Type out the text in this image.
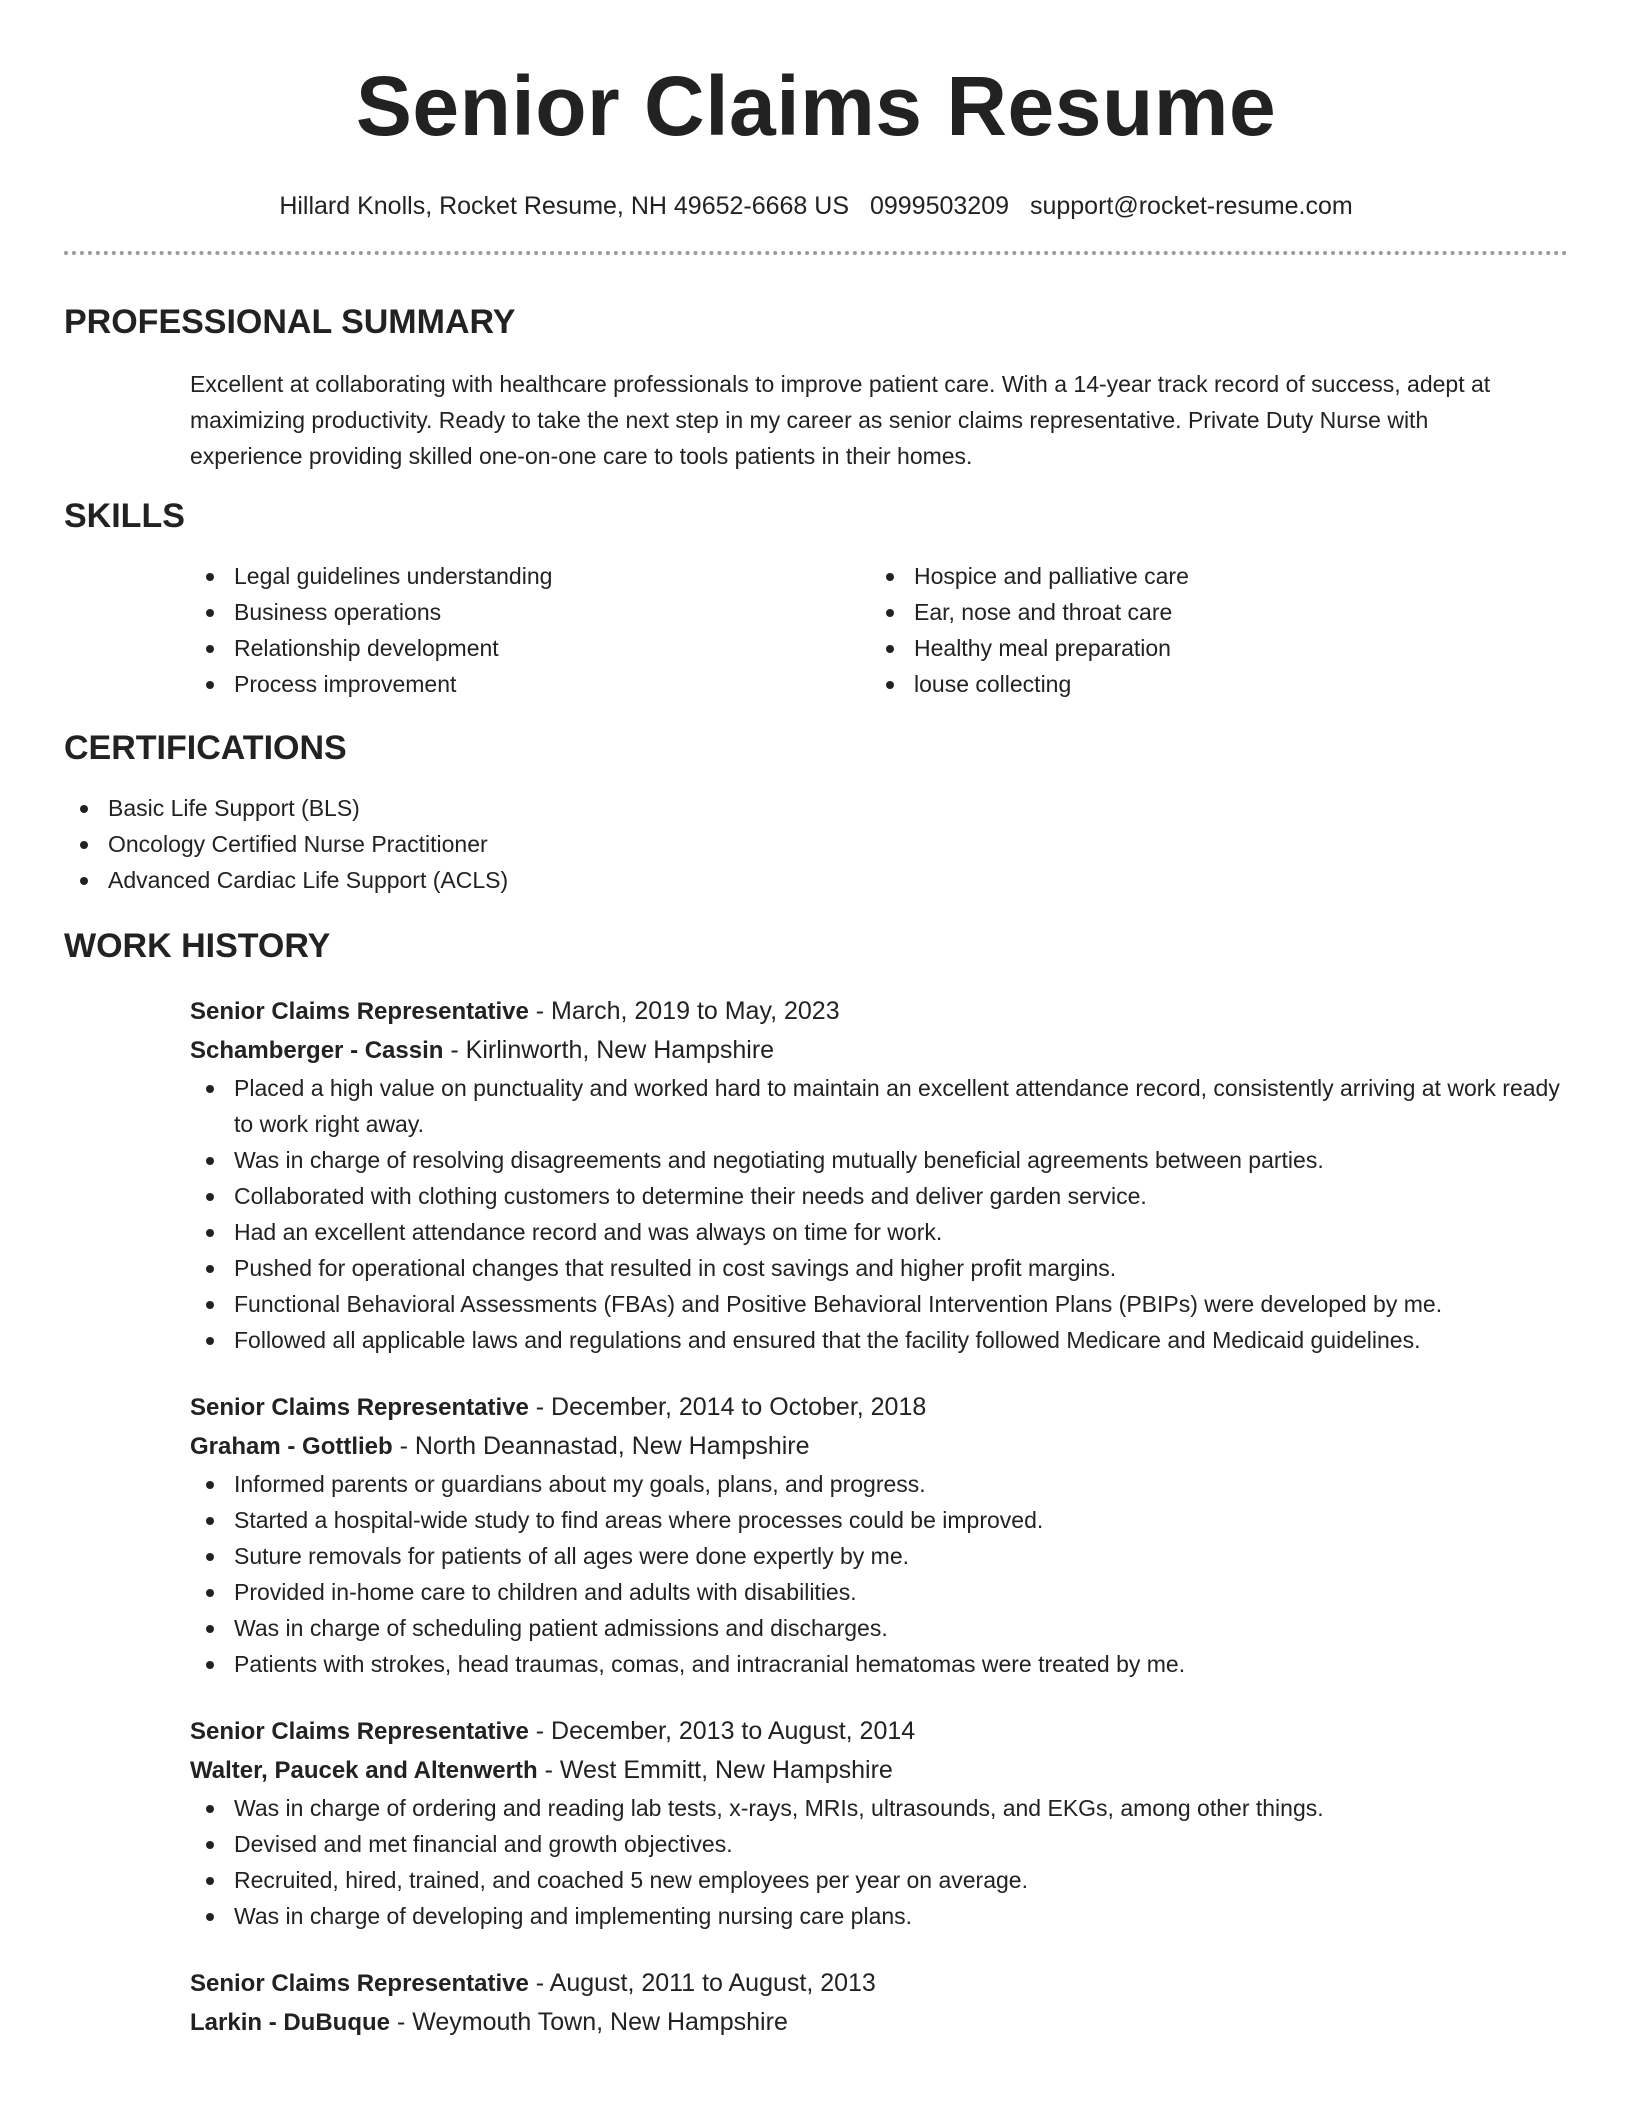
Senior Claims Resume
Hillard Knolls, Rocket Resume, NH 49652-6668 US 0999503209 support@rocket-resume.com
PROFESSIONAL SUMMARY

Excellent at collaborating with healthcare professionals to improve patient care. With a 14-year track record of success, adept at maximizing productivity. Ready to take the next step in my career as senior claims representative. Private Duty Nurse with experience providing skilled one-on-one care to tools patients in their homes.

SKILLS
Legal guidelines understanding
Business operations
Relationship development
Process improvement
Hospice and palliative care
Ear, nose and throat care
Healthy meal preparation
louse collecting
CERTIFICATIONS
Basic Life Support (BLS)
Oncology Certified Nurse Practitioner
Advanced Cardiac Life Support (ACLS)
WORK HISTORY
Senior Claims Representative - March, 2019 to May, 2023
Schamberger - Cassin - Kirlinworth, New Hampshire
Placed a high value on punctuality and worked hard to maintain an excellent attendance record, consistently arriving at work ready to work right away.
Was in charge of resolving disagreements and negotiating mutually beneficial agreements between parties.
Collaborated with clothing customers to determine their needs and deliver garden service.
Had an excellent attendance record and was always on time for work.
Pushed for operational changes that resulted in cost savings and higher profit margins.
Functional Behavioral Assessments (FBAs) and Positive Behavioral Intervention Plans (PBIPs) were developed by me.
Followed all applicable laws and regulations and ensured that the facility followed Medicare and Medicaid guidelines.
Senior Claims Representative - December, 2014 to October, 2018
Graham - Gottlieb - North Deannastad, New Hampshire
Informed parents or guardians about my goals, plans, and progress.
Started a hospital-wide study to find areas where processes could be improved.
Suture removals for patients of all ages were done expertly by me.
Provided in-home care to children and adults with disabilities.
Was in charge of scheduling patient admissions and discharges.
Patients with strokes, head traumas, comas, and intracranial hematomas were treated by me.
Senior Claims Representative - December, 2013 to August, 2014
Walter, Paucek and Altenwerth - West Emmitt, New Hampshire
Was in charge of ordering and reading lab tests, x-rays, MRIs, ultrasounds, and EKGs, among other things.
Devised and met financial and growth objectives.
Recruited, hired, trained, and coached 5 new employees per year on average.
Was in charge of developing and implementing nursing care plans.
Senior Claims Representative - August, 2011 to August, 2013
Larkin - DuBuque - Weymouth Town, New Hampshire
